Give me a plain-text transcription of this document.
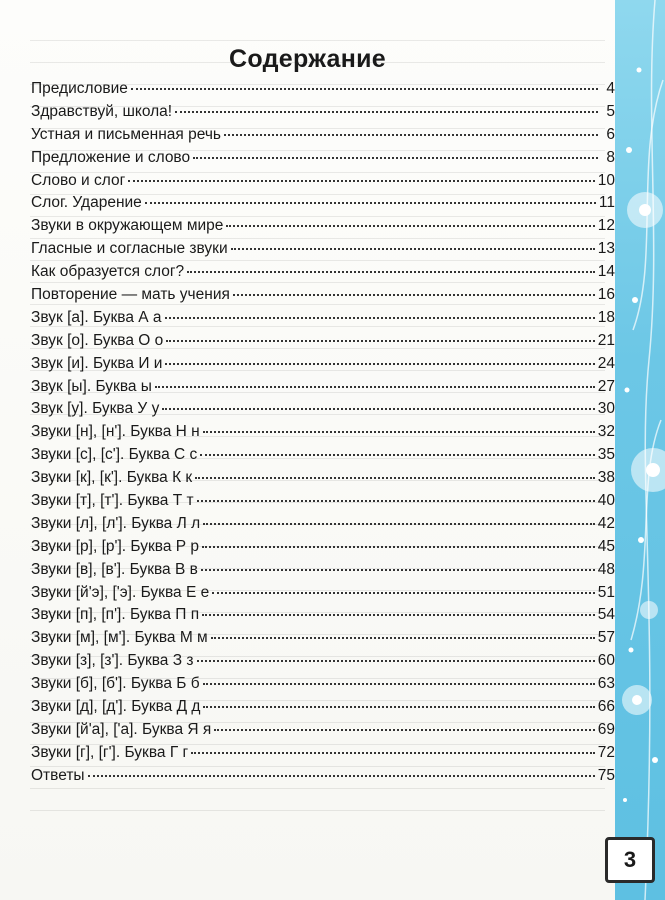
Содержание
Предисловие	4
Здравствуй, школа!	5
Устная и письменная речь	6
Предложение и слово	8
Слово и слог	10
Слог. Ударение	11
Звуки в окружающем мире	12
Гласные и согласные звуки	13
Как образуется слог?	14
Повторение — мать учения	16
Звук [а]. Буква А а	18
Звук [о]. Буква О о	21
Звук [и]. Буква И и	24
Звук [ы]. Буква ы	27
Звук [у]. Буква У у	30
Звуки [н], [н']. Буква Н н	32
Звуки [с], [с']. Буква С с	35
Звуки [к], [к']. Буква К к	38
Звуки [т], [т']. Буква Т т	40
Звуки [л], [л']. Буква Л л	42
Звуки [р], [р']. Буква Р р	45
Звуки [в], [в']. Буква В в	48
Звуки [й'э], ['э]. Буква Е е	51
Звуки [п], [п']. Буква П п	54
Звуки [м], [м']. Буква М м	57
Звуки [з], [з']. Буква З з	60
Звуки [б], [б']. Буква Б б	63
Звуки [д], [д']. Буква Д д	66
Звуки [й'а], ['а]. Буква Я я	69
Звуки [г], [г']. Буква Г г	72
Ответы	75
3
